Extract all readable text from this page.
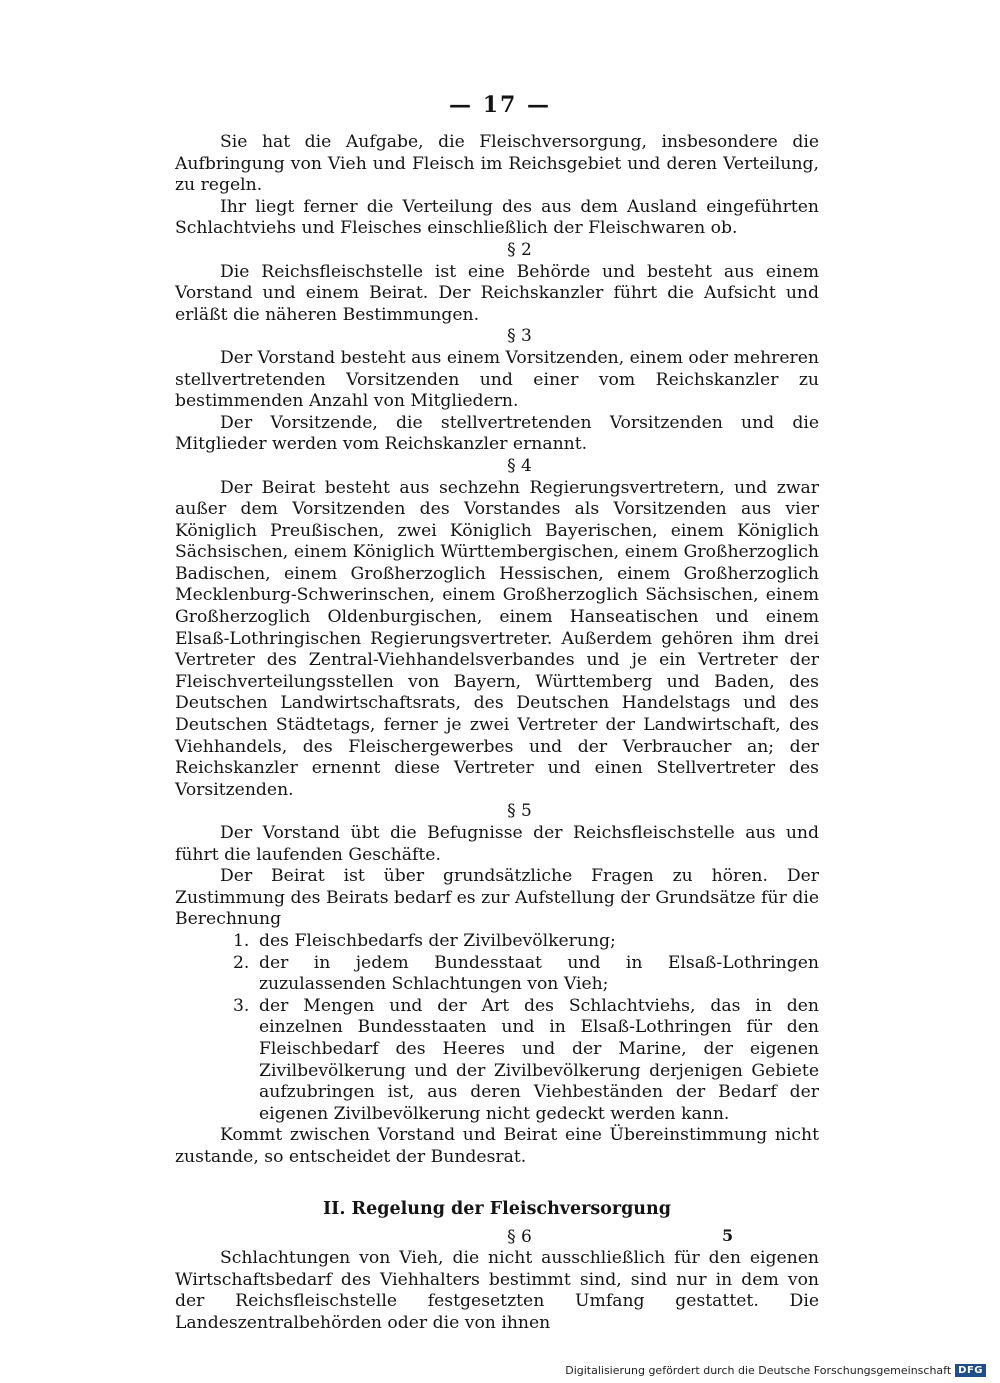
— 17 —

Sie hat die Aufgabe, die Fleischversorgung, insbesondere die Aufbringung von Vieh und Fleisch im Reichsgebiet und deren Verteilung, zu regeln.

Ihr liegt ferner die Verteilung des aus dem Ausland eingeführten Schlachtviehs und Fleisches einschließlich der Fleischwaren ob.

§ 2

Die Reichsfleischstelle ist eine Behörde und besteht aus einem Vorstand und einem Beirat. Der Reichskanzler führt die Aufsicht und erläßt die näheren Bestimmungen.

§ 3

Der Vorstand besteht aus einem Vorsitzenden, einem oder mehreren stellvertretenden Vorsitzenden und einer vom Reichskanzler zu bestimmenden Anzahl von Mitgliedern.

Der Vorsitzende, die stellvertretenden Vorsitzenden und die Mitglieder werden vom Reichskanzler ernannt.

§ 4

Der Beirat besteht aus sechzehn Regierungsvertretern, und zwar außer dem Vorsitzenden des Vorstandes als Vorsitzenden aus vier Königlich Preußischen, zwei Königlich Bayerischen, einem Königlich Sächsischen, einem Königlich Württembergischen, einem Großherzoglich Badischen, einem Großherzoglich Hessischen, einem Großherzoglich Mecklenburg-Schwerinschen, einem Großherzoglich Sächsischen, einem Großherzoglich Oldenburgischen, einem Hanseatischen und einem Elsaß-Lothringischen Regierungsvertreter. Außerdem gehören ihm drei Vertreter des Zentral-Viehhandelsverbandes und je ein Vertreter der Fleischverteilungsstellen von Bayern, Württemberg und Baden, des Deutschen Landwirtschaftsrats, des Deutschen Handelstags und des Deutschen Städtetags, ferner je zwei Vertreter der Landwirtschaft, des Viehhandels, des Fleischergewerbes und der Verbraucher an; der Reichskanzler ernennt diese Vertreter und einen Stellvertreter des Vorsitzenden.

§ 5

Der Vorstand übt die Befugnisse der Reichsfleischstelle aus und führt die laufenden Geschäfte.

Der Beirat ist über grundsätzliche Fragen zu hören. Der Zustimmung des Beirats bedarf es zur Aufstellung der Grundsätze für die Berechnung

1. des Fleischbedarfs der Zivilbevölkerung;
2. der in jedem Bundesstaat und in Elsaß-Lothringen zuzulassenden Schlachtungen von Vieh;
3. der Mengen und der Art des Schlachtviehs, das in den einzelnen Bundesstaaten und in Elsaß-Lothringen für den Fleischbedarf des Heeres und der Marine, der eigenen Zivilbevölkerung und der Zivilbevölkerung derjenigen Gebiete aufzubringen ist, aus deren Viehbeständen der Bedarf der eigenen Zivilbevölkerung nicht gedeckt werden kann.

Kommt zwischen Vorstand und Beirat eine Übereinstimmung nicht zustande, so entscheidet der Bundesrat.

II. Regelung der Fleischversorgung

§ 6

Schlachtungen von Vieh, die nicht ausschließlich für den eigenen Wirtschaftsbedarf des Viehhalters bestimmt sind, sind nur in dem von der Reichsfleischstelle festgesetzten Umfang gestattet. Die Landeszentralbehörden oder die von ihnen

5
Digitalisierung gefördert durch die Deutsche Forschungsgemeinschaft DFG
